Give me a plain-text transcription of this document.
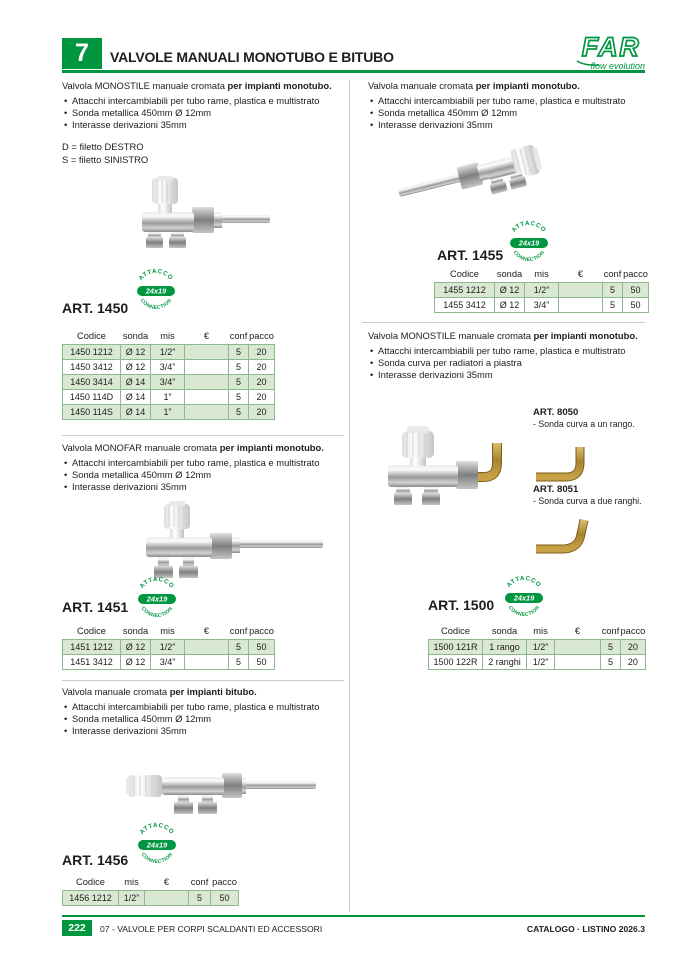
7 VALVOLE MANUALI MONOTUBO E BITUBO	FAR
flow evolution

Valvola MONOSTILE manuale cromata per impianti monotubo.

• Attacchi intercambiabili per tubo rame, plastica e multistrato
• Sonda metallica 450mm Ø 12mm
• Interasse derivazioni 35mm
D = filetto DESTRO
S = filetto SINISTRO
ATTACCO
24x19
CONNECTION
ART. 1450
Codice	sonda	mis	€	conf	pacco
1450 1212	Ø 12	1/2”		5	20
1450 3412	Ø 12	3/4”		5	20
1450 3414	Ø 14	3/4”		5	20
1450 114D	Ø 14	1”		5	20
1450 114S	Ø 14	1”		5	20

Valvola MONOFAR manuale cromata per impianti monotubo.

• Attacchi intercambiabili per tubo rame, plastica e multistrato
• Sonda metallica 450mm Ø 12mm
• Interasse derivazioni 35mm
ATTACCO
24x19
CONNECTION
ART. 1451
Codice	sonda	mis	€	conf	pacco
1451 1212	Ø 12	1/2”		5	50
1451 3412	Ø 12	3/4”		5	50

Valvola manuale cromata per impianti bitubo.

• Attacchi intercambiabili per tubo rame, plastica e multistrato
• Sonda metallica 450mm Ø 12mm
• Interasse derivazioni 35mm
ATTACCO
24x19
CONNECTION
ART. 1456
Codice	mis	€	conf	pacco
1456 1212	1/2”		5	50

Valvola manuale cromata per impianti monotubo.

• Attacchi intercambiabili per tubo rame, plastica e multistrato
• Sonda metallica 450mm Ø 12mm
• Interasse derivazioni 35mm
ATTACCO
24x19
CONNECTION
ART. 1455
Codice	sonda	mis	€	conf	pacco
1455 1212	Ø 12	1/2”		5	50
1455 3412	Ø 12	3/4”		5	50

Valvola MONOSTILE manuale cromata per impianti monotubo.

• Attacchi intercambiabili per tubo rame, plastica e multistrato
• Sonda curva per radiatori a piastra
• Interasse derivazioni 35mm
ART. 8050
- Sonda curva a un rango.
ART. 8051
- Sonda curva a due ranghi.
ATTACCO
24x19
CONNECTION
ART. 1500
Codice	sonda	mis	€	conf	pacco
1500 121R	1 rango	1/2”		5	20
1500 122R	2 ranghi	1/2”		5	20
222 07 - VALVOLE PER CORPI SCALDANTI ED ACCESSORI	CATALOGO · LISTINO 2026.3
